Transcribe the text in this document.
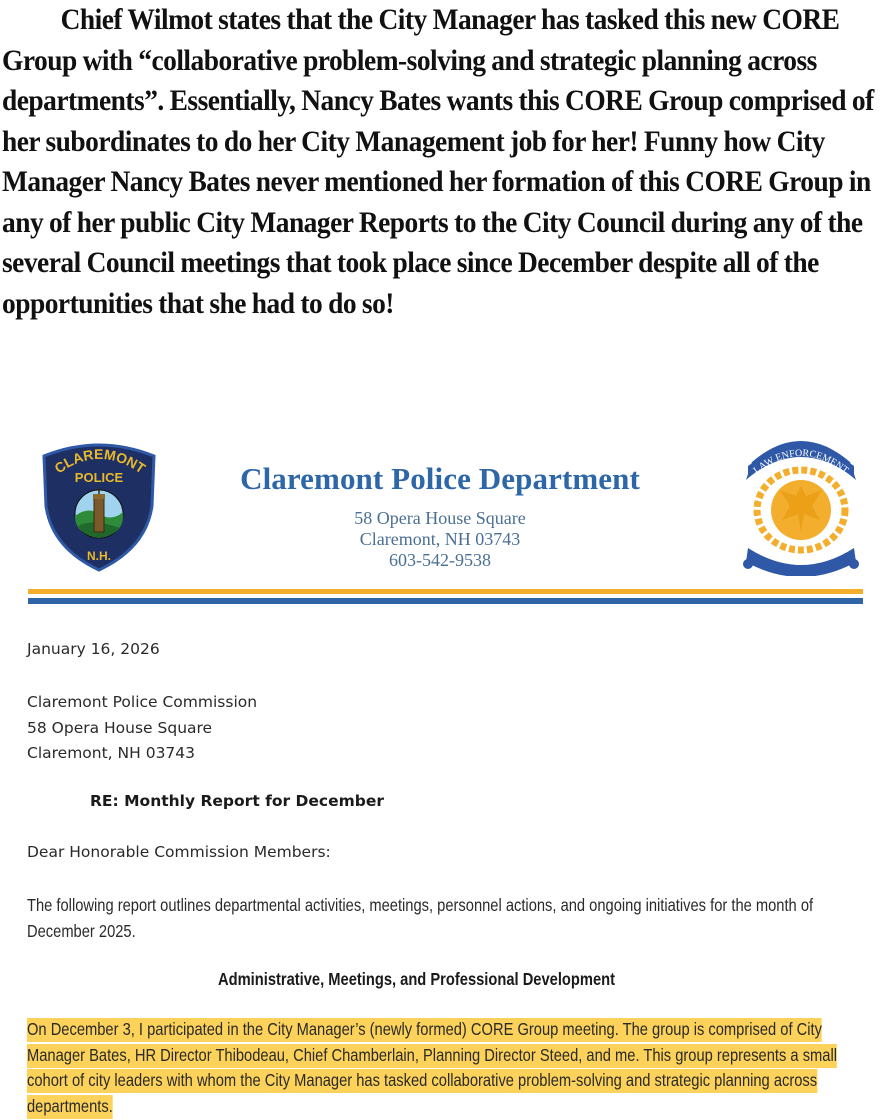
Chief Wilmot states that the City Manager has tasked this new CORE Group with “collaborative problem-solving and strategic planning across departments”. Essentially, Nancy Bates wants this CORE Group comprised of her subordinates to do her City Management job for her! Funny how City Manager Nancy Bates never mentioned her formation of this CORE Group in any of her public City Manager Reports to the City Council during any of the several Council meetings that took place since December despite all of the opportunities that she had to do so!

CLAREMONT
POLICE
N.H.
Claremont Police Department
58 Opera House Square
Claremont, NH 03743
603-542-9538
LAW ENFORCEMENT
ACCREDITATION
January 16, 2026
Claremont Police Commission
58 Opera House Square
Claremont, NH 03743
RE: Monthly Report for December
Dear Honorable Commission Members:
The following report outlines departmental activities, meetings, personnel actions, and ongoing initiatives for the month of December 2025.
Administrative, Meetings, and Professional Development
On December 3, I participated in the City Manager’s (newly formed) CORE Group meeting. The group is comprised of City Manager Bates, HR Director Thibodeau, Chief Chamberlain, Planning Director Steed, and me. This group represents a small cohort of city leaders with whom the City Manager has tasked collaborative problem-solving and strategic planning across departments.
